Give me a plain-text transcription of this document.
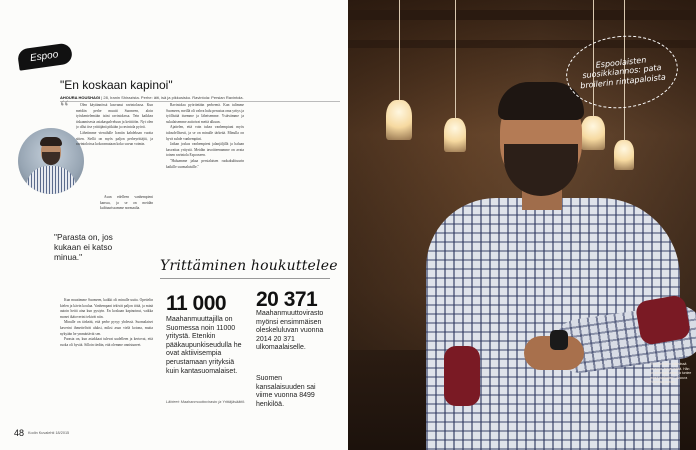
Espoo
"En koskaan kapinoi"
AHOURA HOUSHAGI | 28, Iranin Shirazista. Perhe: äiti, isä ja pikkusisko. Ravintola: Persian Ravintola.
“	Olen käytännössä kasvanut ravintolassa. Kun meidän perhe muutti Suomeen, aloin työskentelemään isäni ravintolassa. Tein kaikkea tiskaamisesta asiakaspalveluun ja keittiöön. Nyt olen jo ollut itse yrittäjänä pitkään ja ravintola pyörii.

Lähetimme vierailulle Iraniin kahdeksan vuotta sitten. Siellä on myös paljon perheyrittäjiä, ja ravintoloissa kokoonnutaan koko suvun voimin.

Asun edelleen vanhempieni kanssa, ja se on meidän kulttuurissamme normaalia.

"Parasta on, jos kukaan ei katso minua."

Ravintolaa pyöritetään perheenä. Kun tulimme Suomeen, meillä oli vahva halu perustaa oma yritys ja työllistää itsemme ja läheisemme. Ystävämme ja sukulaisemme auttoivat meitä alkuun.

Ajattelen, että voin tukea vanhempiani myös taloudellisesti, ja se on minulle tärkeää. Minulla on hyvä suhde vanhempiini.

Jatkan joskus vanhempieni jalanjäljillä ja haluan kasvattaa yritystä. Meidän tavoitteenamme on avata toinen ravintola Espooseen.

"Haluamme jakaa persialaisen ruokakulttuurin kaikille suomalaisille."

Kun muutimme Suomeen, kaikki oli minulle uutta. Opettelin kielen ja kävin koulua. Vanhempani tekivät paljon töitä, ja minä autoin heitä aina kun pystyin. En koskaan kapinoinut, vaikka monet ikätoverini tekivät niin.

Minulle on tärkeää, että perhe pysyy yhdessä. Suomalaiset kaverini ihmettelivät aluksi, miksi asun vielä kotona, mutta nykyään he ymmärtävät sen.

Parasta on, kun asiakkaat tulevat uudelleen ja kertovat, että ruoka oli hyvää. Silloin tiedän, että olemme onnistuneet.

Yrittäminen houkuttelee
11 000
Maahanmuuttajilla on Suomessa noin 11000 yritystä. Etenkin pääkaupunkiseudulla he ovat aktiivisempia perustamaan yrityksiä kuin kantasuomalaiset.
20 371
Maahanmuuttovirasto myönsi ensimmäisen oleskeluluvan vuonna 2014 20 371 ulkomaalaiselle.
Suomen kansalaisuuden sai viime vuonna 8499 henkilöä.
Lähteet: Maahanmuuttovirasto ja Yrittäjäsäätiö.
48 Kodin Kuvalehti 18/2015
Espoolaisten suosikkiannos: pata broilerin rintapaloista
"Kun tarvitsen elämässä neuvoja, kysyn isältä. Hän on kokenut kaiken ja tuntee minut parhaiten", Ahoura Houshagi sanoo.
